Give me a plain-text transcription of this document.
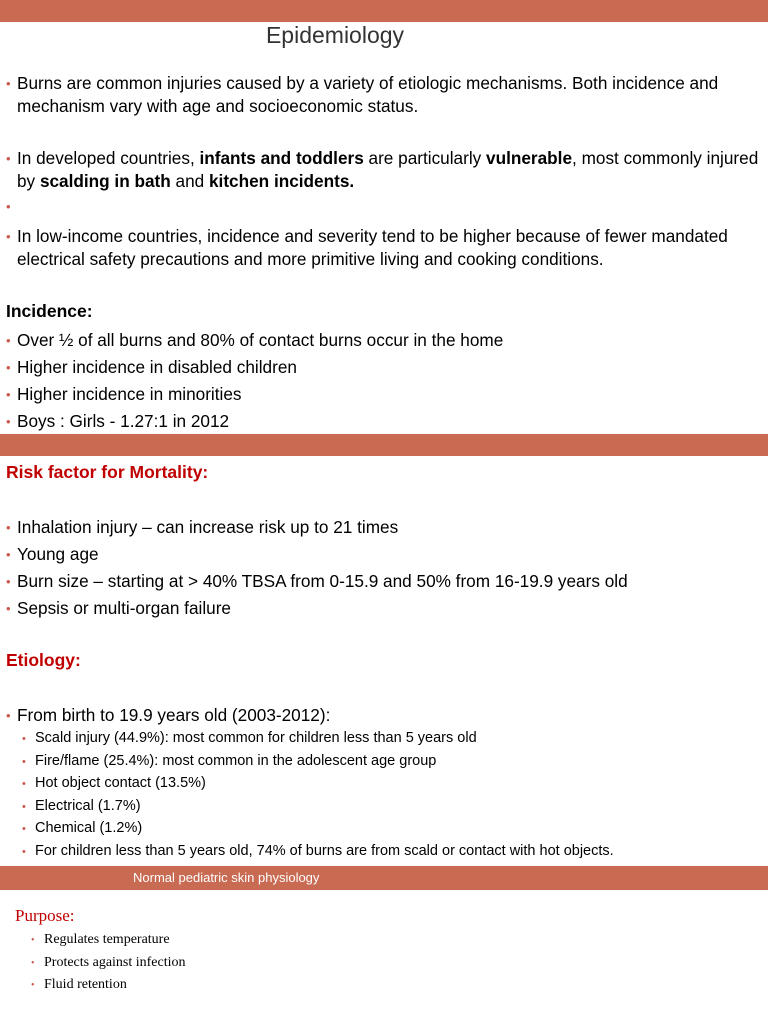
Epidemiology
• Burns are common injuries caused by a variety of etiologic mechanisms. Both incidence and mechanism vary with age and socioeconomic status.
• In developed countries, infants and toddlers are particularly vulnerable, most commonly injured by scalding in bath and kitchen incidents.
•

• In low-income countries, incidence and severity tend to be higher because of fewer mandated electrical safety precautions and more primitive living and cooking conditions.
Incidence:
• Over ½ of all burns and 80% of contact burns occur in the home
• Higher incidence in disabled children
• Higher incidence in minorities
• Boys : Girls - 1.27:1 in 2012
Risk factor for Mortality:
• Inhalation injury – can increase risk up to 21 times
• Young age
• Burn size – starting at > 40% TBSA from 0-15.9 and 50% from 16-19.9 years old
• Sepsis or multi-organ failure
Etiology:
• From birth to 19.9 years old (2003-2012):
• Scald injury (44.9%): most common for children less than 5 years old
• Fire/flame (25.4%): most common in the adolescent age group
• Hot object contact (13.5%)
• Electrical (1.7%)
• Chemical (1.2%)
• For children less than 5 years old, 74% of burns are from scald or contact with hot objects.
Normal pediatric skin physiology
Purpose:
• Regulates temperature
• Protects against infection
• Fluid retention
